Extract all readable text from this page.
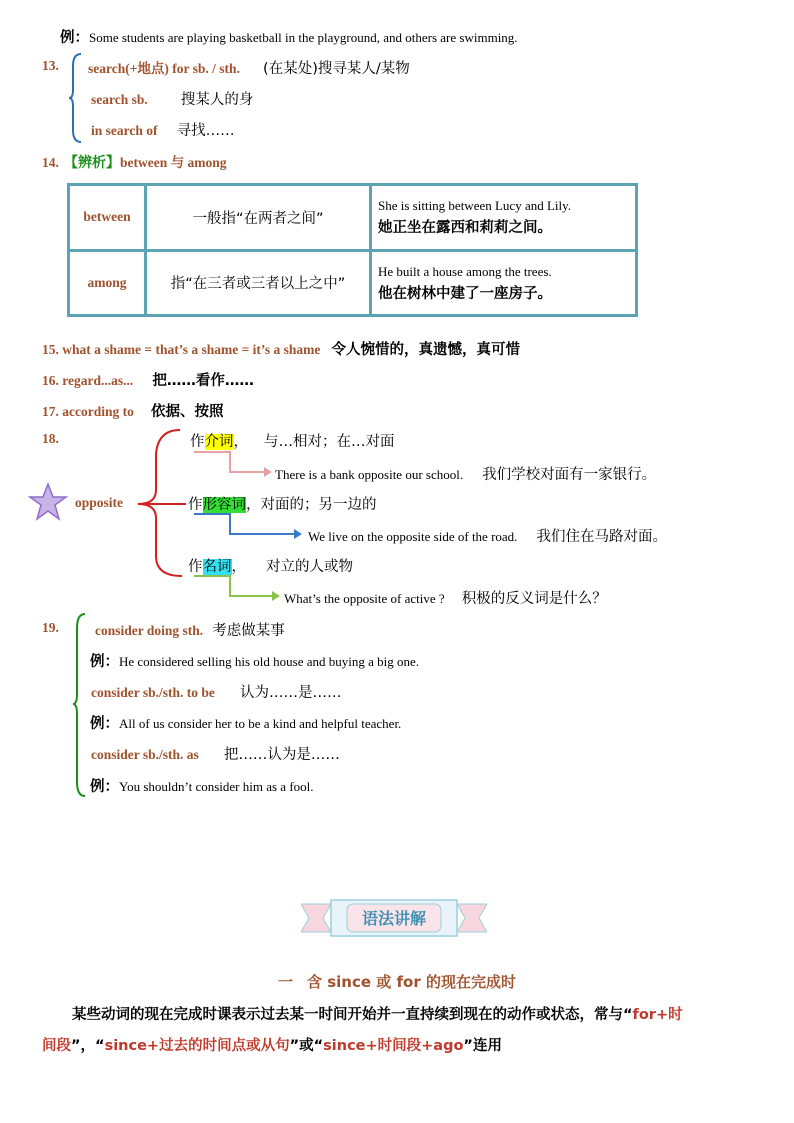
例：Some students are playing basketball in the playground, and others are swimming.
13. search(+地点) for sb. / sth. (在某处)搜寻某人/某物
search sb. 搜某人的身
in search of 寻找……
14. 【辨析】between 与 among
between	一般指“在两者之间”	She is sitting between Lucy and Lily.
她正坐在露西和莉莉之间。

among	指“在三者或三者以上之中”	He built a house among the trees.
他在树林中建了一座房子。
15. what a shame = that’s a shame = it’s a shame 令人惋惜的，真遗憾，真可惜
16. regard...as... 把……看作……
17. according to 依据、按照
18.
opposite
作介词， 与…相对；在…对面
There is a bank opposite our school. 我们学校对面有一家银行。
作形容词，对面的；另一边的
We live on the opposite side of the road. 我们住在马路对面。
作名词， 对立的人或物
What’s the opposite of active ? 积极的反义词是什么？
19.	consider doing sth. 考虑做某事
例：He considered selling his old house and buying a big one.
consider sb./sth. to be 认为……是……
例：All of us consider her to be a kind and helpful teacher.
consider sb./sth. as 把……认为是……
例：You shouldn’t consider him as a fool.
语法讲解
一 含 since 或 for 的现在完成时
某些动词的现在完成时课表示过去某一时间开始并一直持续到现在的动作或状态，常与“for+时
间段”，“since+过去的时间点或从句”或“since+时间段+ago”连用
